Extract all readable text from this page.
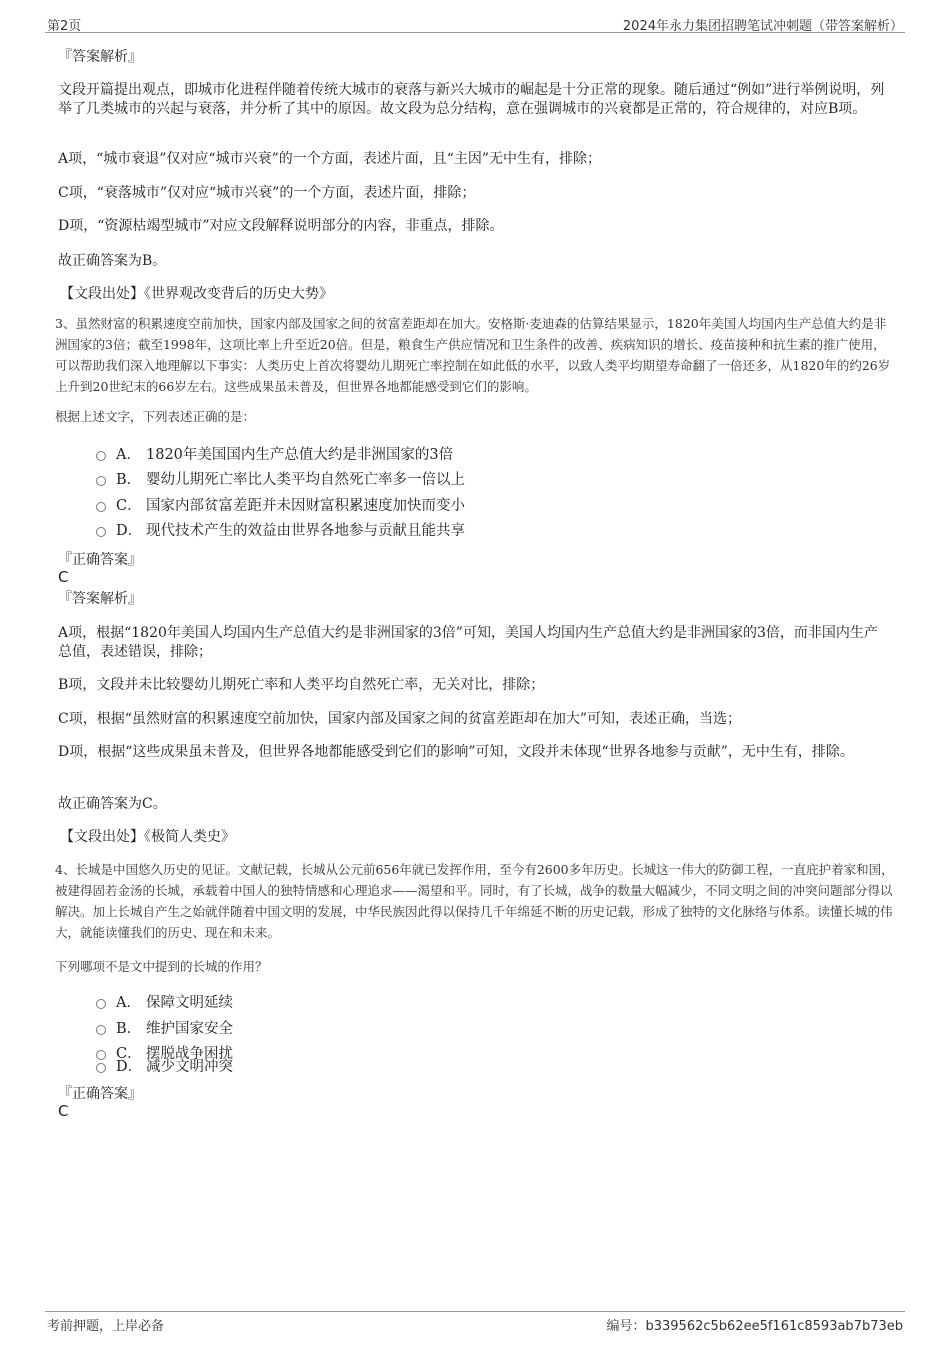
第2页	2024年永力集团招聘笔试冲刺题（带答案解析）
『答案解析』
文段开篇提出观点，即城市化进程伴随着传统大城市的衰落与新兴大城市的崛起是十分正常的现象。随后通过“例如”进行举例说明，列举了几类城市的兴起与衰落，并分析了其中的原因。故文段为总分结构，意在强调城市的兴衰都是正常的，符合规律的，对应B项。
A项，“城市衰退”仅对应“城市兴衰”的一个方面，表述片面，且“主因”无中生有，排除；
C项，“衰落城市”仅对应“城市兴衰”的一个方面，表述片面，排除；
D项，“资源枯竭型城市”对应文段解释说明部分的内容，非重点，排除。
故正确答案为B。
【文段出处】《世界观改变背后的历史大势》
3、虽然财富的积累速度空前加快，国家内部及国家之间的贫富差距却在加大。安格斯·麦迪森的估算结果显示，1820年美国人均国内生产总值大约是非洲国家的3倍；截至1998年，这项比率上升至近20倍。但是，粮食生产供应情况和卫生条件的改善、疾病知识的增长、疫苗接种和抗生素的推广使用，可以帮助我们深入地理解以下事实：人类历史上首次将婴幼儿期死亡率控制在如此低的水平，以致人类平均期望寿命翻了一倍还多，从1820年的约26岁上升到20世纪末的66岁左右。这些成果虽未普及，但世界各地都能感受到它们的影响。
根据上述文字，下列表述正确的是：
A． 1820年美国国内生产总值大约是非洲国家的3倍
B． 婴幼儿期死亡率比人类平均自然死亡率多一倍以上
C． 国家内部贫富差距并未因财富积累速度加快而变小
D． 现代技术产生的效益由世界各地参与贡献且能共享
『正确答案』
C
『答案解析』
A项，根据“1820年美国人均国内生产总值大约是非洲国家的3倍”可知，美国人均国内生产总值大约是非洲国家的3倍，而非国内生产总值，表述错误，排除；
B项，文段并未比较婴幼儿期死亡率和人类平均自然死亡率，无关对比，排除；
C项，根据“虽然财富的积累速度空前加快，国家内部及国家之间的贫富差距却在加大”可知，表述正确，当选；
D项，根据“这些成果虽未普及，但世界各地都能感受到它们的影响”可知，文段并未体现“世界各地参与贡献”，无中生有，排除。
故正确答案为C。
【文段出处】《极简人类史》
4、长城是中国悠久历史的见证。文献记载，长城从公元前656年就已发挥作用，至今有2600多年历史。长城这一伟大的防御工程，一直庇护着家和国，被建得固若金汤的长城，承载着中国人的独特情感和心理追求——渴望和平。同时，有了长城，战争的数量大幅减少，不同文明之间的冲突问题部分得以解决。加上长城自产生之始就伴随着中国文明的发展，中华民族因此得以保持几千年绵延不断的历史记载，形成了独特的文化脉络与体系。读懂长城的伟大，就能读懂我们的历史、现在和未来。
下列哪项不是文中提到的长城的作用？
A． 保障文明延续
B． 维护国家安全
C． 摆脱战争困扰
D． 减少文明冲突
『正确答案』
C
考前押题，上岸必备	编号：b339562c5b62ee5f161c8593ab7b73eb
